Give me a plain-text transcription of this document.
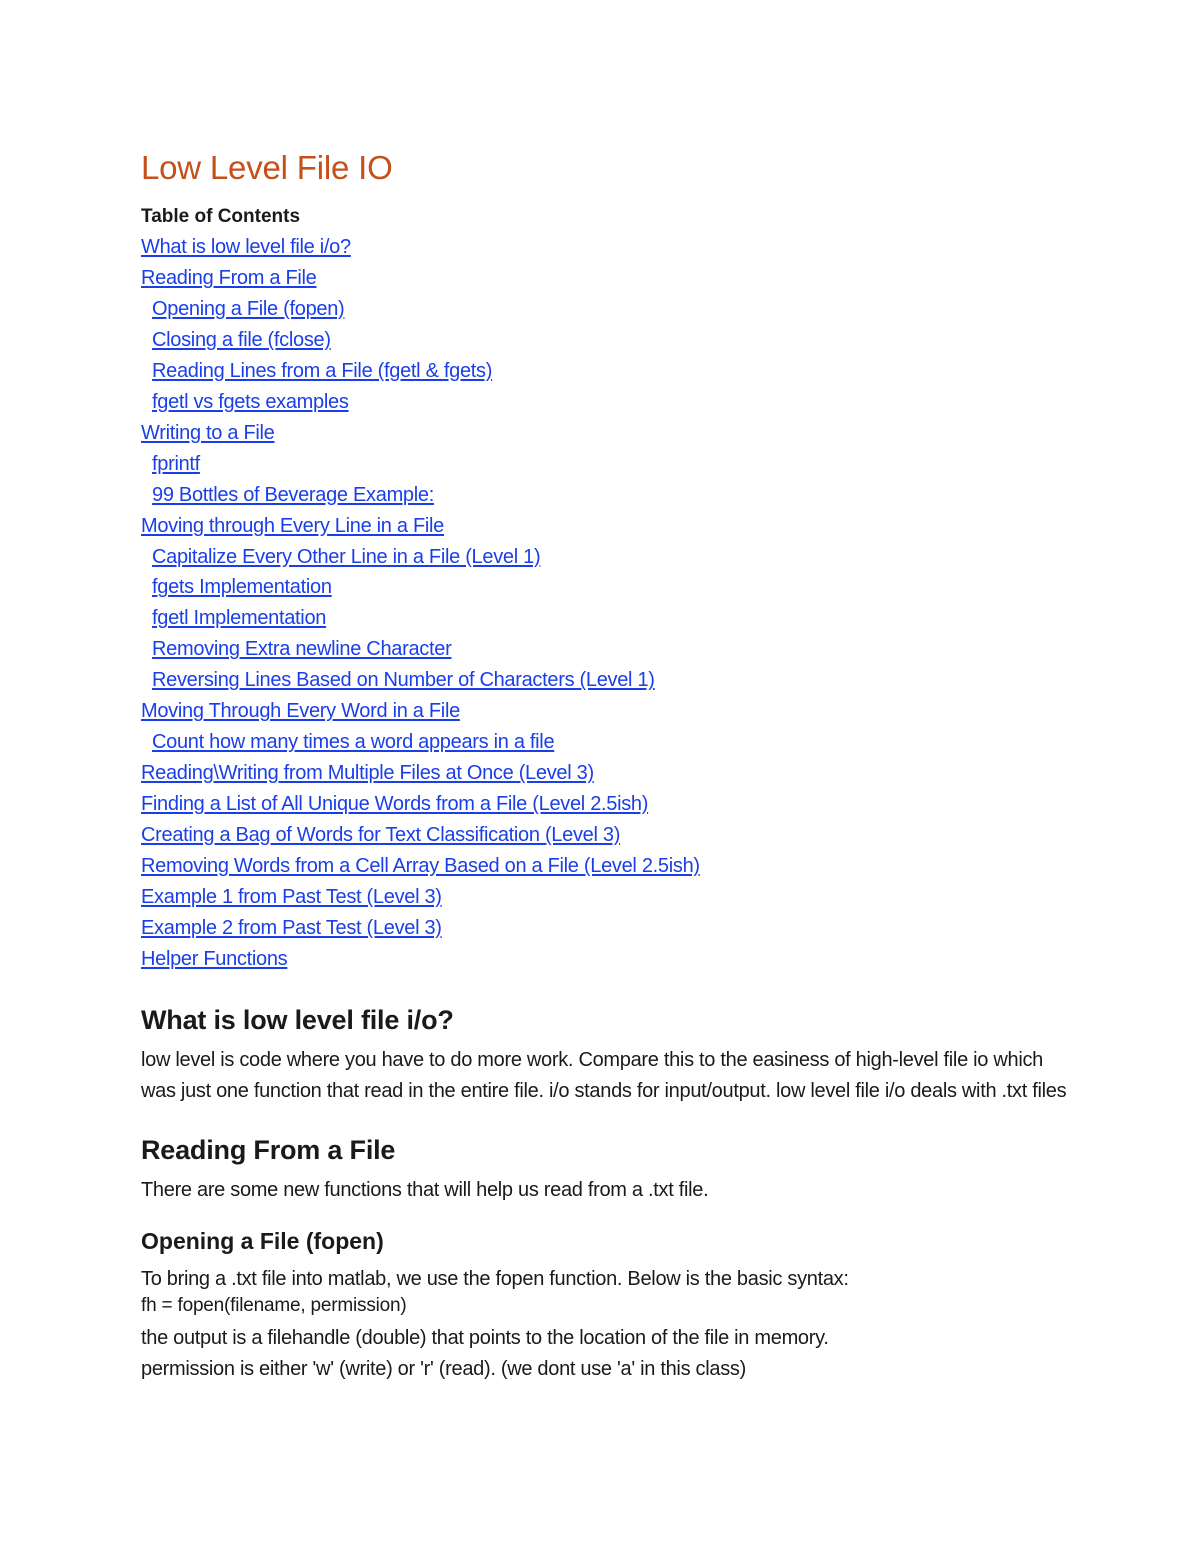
Low Level File IO
Table of Contents
What is low level file i/o?
Reading From a File
Opening a File (fopen)
Closing a file (fclose)
Reading Lines from a File (fgetl & fgets)
fgetl vs fgets examples
Writing to a File
fprintf
99 Bottles of Beverage Example:
Moving through Every Line in a File
Capitalize Every Other Line in a File (Level 1)
fgets Implementation
fgetl Implementation
Removing Extra newline Character
Reversing Lines Based on Number of Characters (Level 1)
Moving Through Every Word in a File
Count how many times a word appears in a file
Reading\Writing from Multiple Files at Once (Level 3)
Finding a List of All Unique Words from a File (Level 2.5ish)
Creating a Bag of Words for Text Classification (Level 3)
Removing Words from a Cell Array Based on a File (Level 2.5ish)
Example 1 from Past Test (Level 3)
Example 2 from Past Test (Level 3)
Helper Functions
What is low level file i/o?

low level is code where you have to do more work. Compare this to the easiness of high-level file io which was just one function that read in the entire file. i/o stands for input/output. low level file i/o deals with .txt files

Reading From a File

There are some new functions that will help us read from a .txt file.

Opening a File (fopen)

To bring a .txt file into matlab, we use the fopen function. Below is the basic syntax:

fh = fopen(filename, permission)

the output is a filehandle (double) that points to the location of the file in memory.

permission is either 'w' (write) or 'r' (read). (we dont use 'a' in this class)
